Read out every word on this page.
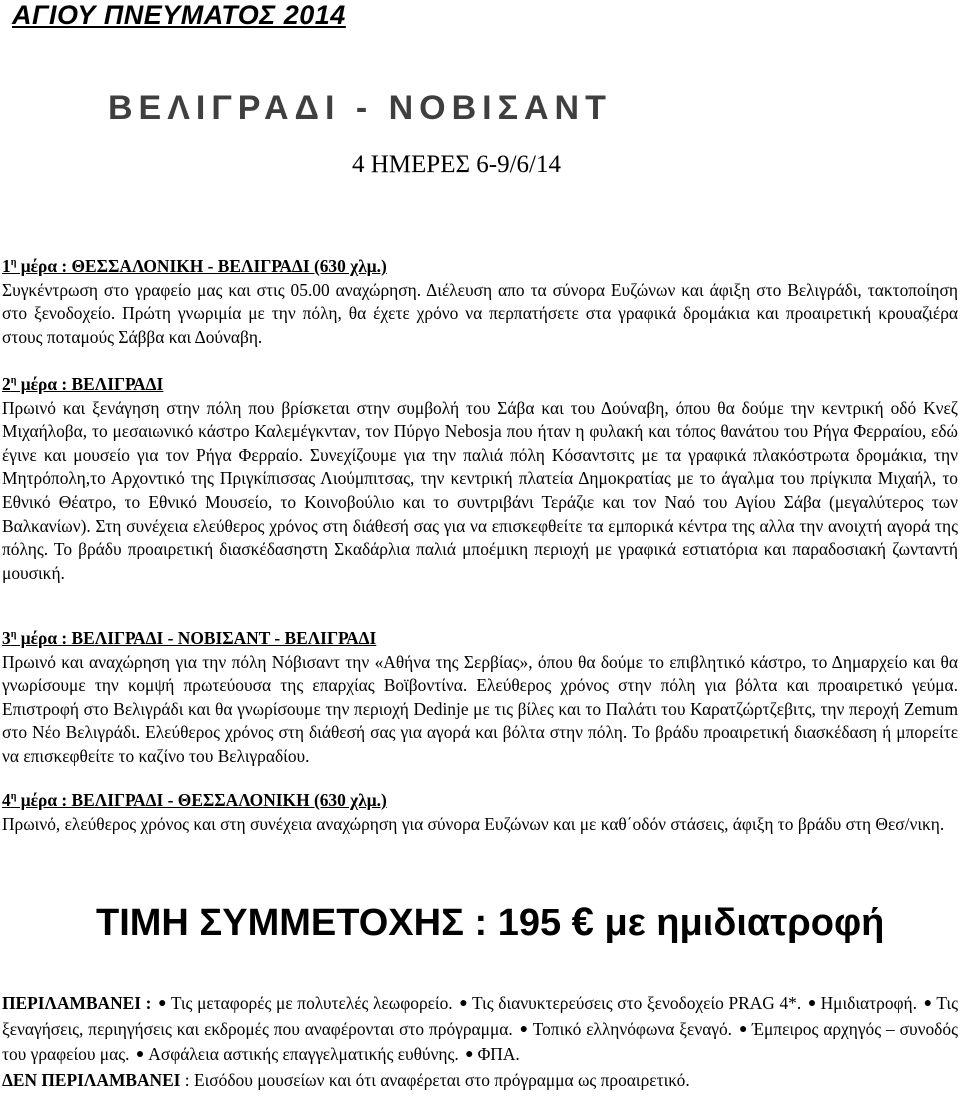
ΑΓΙΟΥ ΠΝΕΥΜΑΤΟΣ 2014
ΒΕΛΙΓΡΑΔΙ - ΝΟΒΙΣΑΝΤ
4 ΗΜΕΡΕΣ 6-9/6/14

$1^\eta$ μέρα : ΘΕΣΣΑΛΟΝΙΚΗ - ΒΕΛΙΓΡΑΔΙ (630 χλμ.)

Συγκέντρωση στο γραφείο μας και στις 05.00 αναχώρηση. Διέλευση απο τα σύνορα Ευζώνων και άφιξη στο Βελιγράδι, τακτοποίηση στο ξενοδοχείο. Πρώτη γνωριμία με την πόλη, θα έχετε χρόνο να περπατήσετε στα γραφικά δρομάκια και προαιρετική κρουαζιέρα στους ποταμούς Σάββα και Δούναβη.

$2^\eta$ μέρα : ΒΕΛΙΓΡΑΔΙ

Πρωινό και ξενάγηση στην πόλη που βρίσκεται στην συμβολή του Σάβα και του Δούναβη, όπου θα δούμε την κεντρική οδό Κνεζ Μιχαήλοβα, το μεσαιωνικό κάστρο Καλεμέγκνταν, τον Πύργο Nebosja που ήταν η φυλακή και τόπος θανάτου του Ρήγα Φερραίου, εδώ έγινε και μουσείο για τον Ρήγα Φερραίο. Συνεχίζουμε για την παλιά πόλη Κόσαντσιτς με τα γραφικά πλακόστρωτα δρομάκια, την Μητρόπολη,το Αρχοντικό της Πριγκίπισσας Λιούμπιτσας, την κεντρική πλατεία Δημοκρατίας με το άγαλμα του πρίγκιπα Μιχαήλ, το Εθνικό Θέατρο, το Εθνικό Μουσείο, το Κοινοβούλιο και το συντριβάνι Τεράζιε και τον Ναό του Αγίου Σάβα (μεγαλύτερος των Βαλκανίων). Στη συνέχεια ελεύθερος χρόνος στη διάθεσή σας για να επισκεφθείτε τα εμπορικά κέντρα της αλλα την ανοιχτή αγορά της πόλης. Το βράδυ προαιρετική διασκέδασηστη Σκαδάρλια παλιά μποέμικη περιοχή με γραφικά εστιατόρια και παραδοσιακή ζωνταντή μουσική.

$3^\eta$ μέρα : ΒΕΛΙΓΡΑΔΙ - ΝΟΒΙΣΑΝΤ - ΒΕΛΙΓΡΑΔΙ

Πρωινό και αναχώρηση για την πόλη Νόβισαντ την «Αθήνα της Σερβίας», όπου θα δούμε το επιβλητικό κάστρο, το Δημαρχείο και θα γνωρίσουμε την κομψή πρωτεύουσα της επαρχίας Βοϊβοντίνα. Ελεύθερος χρόνος στην πόλη για βόλτα και προαιρετικό γεύμα. Επιστροφή στο Βελιγράδι και θα γνωρίσουμε την περιοχή Dedinje με τις βίλες και το Παλάτι του Καρατζώρτζεβιτς, την περοχή Zemum στο Νέο Βελιγράδι. Ελεύθερος χρόνος στη διάθεσή σας για αγορά και βόλτα στην πόλη. Το βράδυ προαιρετική διασκέδαση ή μπορείτε να επισκεφθείτε το καζίνο του Βελιγραδίου.

$4^\eta$ μέρα : ΒΕΛΙΓΡΑΔΙ - ΘΕΣΣΑΛΟΝΙΚΗ (630 χλμ.)

Πρωινό, ελεύθερος χρόνος και στη συνέχεια αναχώρηση για σύνορα Ευζώνων και με καθ΄οδόν στάσεις, άφιξη το βράδυ στη Θεσ/νικη.

ΤΙΜΗ ΣΥΜΜΕΤΟΧΗΣ : 195 € με ημιδιατροφή

ΠΕΡΙΛΑΜΒΑΝΕΙ : ● Τις μεταφορές με πολυτελές λεωφορείο. ● Τις διανυκτερεύσεις στο ξενοδοχείο PRAG 4*. ● Ημιδιατροφή. ● Τις ξεναγήσεις, περιηγήσεις και εκδρομές που αναφέρονται στο πρόγραμμα. ● Τοπικό ελληνόφωνα ξεναγό. ● Έμπειρος αρχηγός – συνοδός του γραφείου μας. ● Ασφάλεια αστικής επαγγελματικής ευθύνης. ● ΦΠΑ.

ΔΕΝ ΠΕΡΙΛΑΜΒΑΝΕΙ : Εισόδου μουσείων και ότι αναφέρεται στο πρόγραμμα ως προαιρετικό.
